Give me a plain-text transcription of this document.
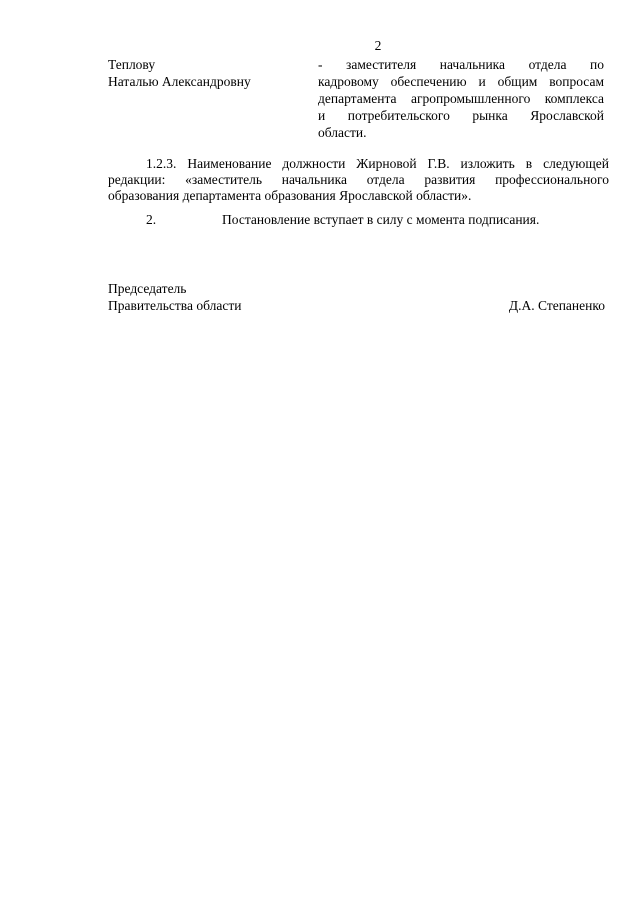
2
Теплову
Наталью Александровну
- заместителя начальника отдела по
кадровому обеспечению и общим вопросам
департамента агропромышленного комплекса
и потребительского рынка Ярославской
области.
1.2.3. Наименование должности Жирновой Г.В. изложить в следующей
редакции: «заместитель начальника отдела развития профессионального
образования департамента образования Ярославской области».
2.	Постановление вступает в силу с момента подписания.
Председатель
Правительства области	Д.А. Степаненко
